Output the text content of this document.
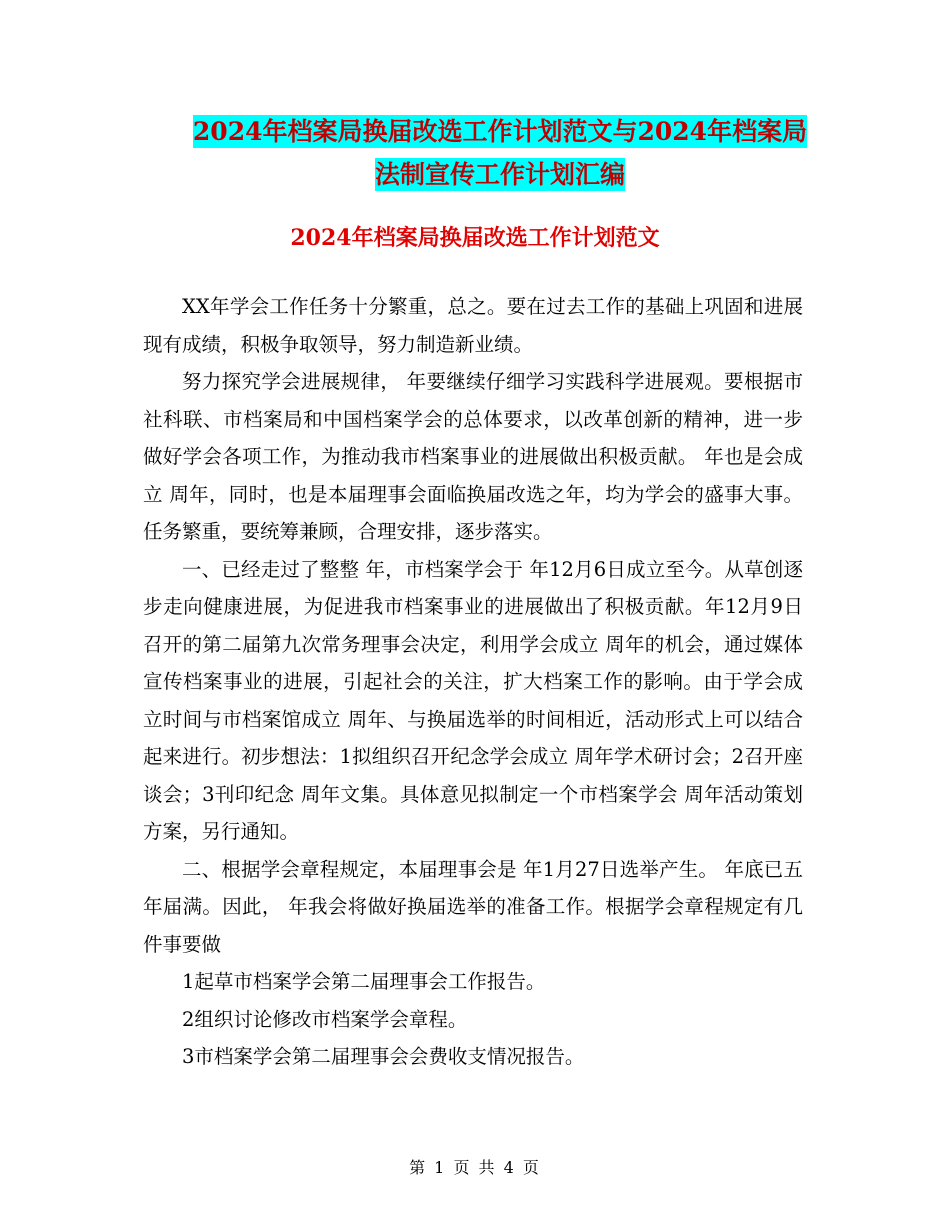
2024年档案局换届改选工作计划范文与2024年档案局
法制宣传工作计划汇编
2024年档案局换届改选工作计划范文

XX年学会工作任务十分繁重，总之。要在过去工作的基础上巩固和进展现有成绩，积极争取领导，努力制造新业绩。

努力探究学会进展规律， 年要继续仔细学习实践科学进展观。要根据市社科联、市档案局和中国档案学会的总体要求，以改革创新的精神，进一步做好学会各项工作，为推动我市档案事业的进展做出积极贡献。 年也是会成立 周年，同时，也是本届理事会面临换届改选之年，均为学会的盛事大事。任务繁重，要统筹兼顾，合理安排，逐步落实。

一、已经走过了整整 年，市档案学会于 年12月6日成立至今。从草创逐步走向健康进展，为促进我市档案事业的进展做出了积极贡献。年12月9日召开的第二届第九次常务理事会决定，利用学会成立 周年的机会，通过媒体宣传档案事业的进展，引起社会的关注，扩大档案工作的影响。由于学会成立时间与市档案馆成立 周年、与换届选举的时间相近，活动形式上可以结合起来进行。初步想法：1拟组织召开纪念学会成立 周年学术研讨会；2召开座谈会；3刊印纪念 周年文集。具体意见拟制定一个市档案学会 周年活动策划方案，另行通知。

二、根据学会章程规定，本届理事会是 年1月27日选举产生。 年底已五年届满。因此， 年我会将做好换届选举的准备工作。根据学会章程规定有几件事要做

1起草市档案学会第二届理事会工作报告。

2组织讨论修改市档案学会章程。

3市档案学会第二届理事会会费收支情况报告。

第 1 页 共 4 页
